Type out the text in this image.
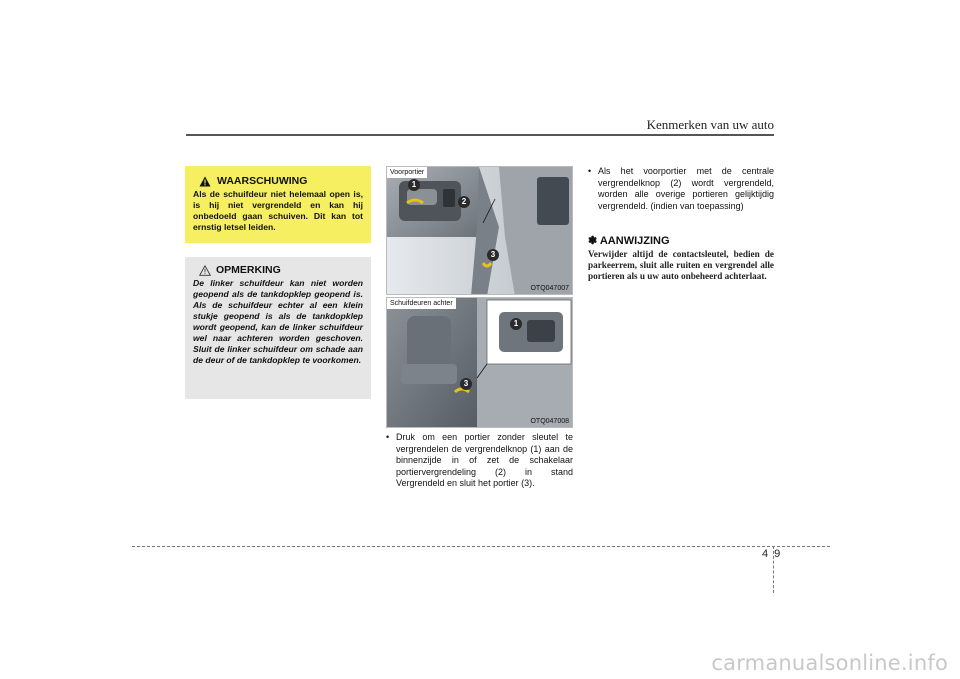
Kenmerken van uw auto
WAARSCHUWING
Als de schuifdeur niet helemaal open is, is hij niet vergrendeld en kan hij onbedoeld gaan schuiven. Dit kan tot ernstig letsel leiden.
OPMERKING
De linker schuifdeur kan niet worden geopend als de tankdopklep geopend is. Als de schuifdeur echter al een klein stukje geopend is als de tankdopklep wordt geopend, kan de linker schuifdeur wel naar achteren worden geschoven. Sluit de linker schuifdeur om schade aan de deur of de tankdopklep te voorkomen.
Voorportier
1
2
3
OTQ047007
Schuifdeuren achter
1
3
OTQ047008
• Druk om een portier zonder sleutel te vergrendelen de vergrendelknop (1) aan de binnenzijde in of zet de schakelaar portiervergrendeling (2) in stand Vergrendeld en sluit het portier (3).
• Als het voorportier met de centrale vergrendelknop (2) wordt vergrendeld, worden alle overige portieren gelijktijdig vergrendeld. (indien van toepassing)
✽ AANWIJZING
Verwijder altijd de contactsleutel, bedien de parkeerrem, sluit alle ruiten en vergrendel alle portieren als u uw auto onbeheerd achterlaat.
4 9
carmanualsonline.info
